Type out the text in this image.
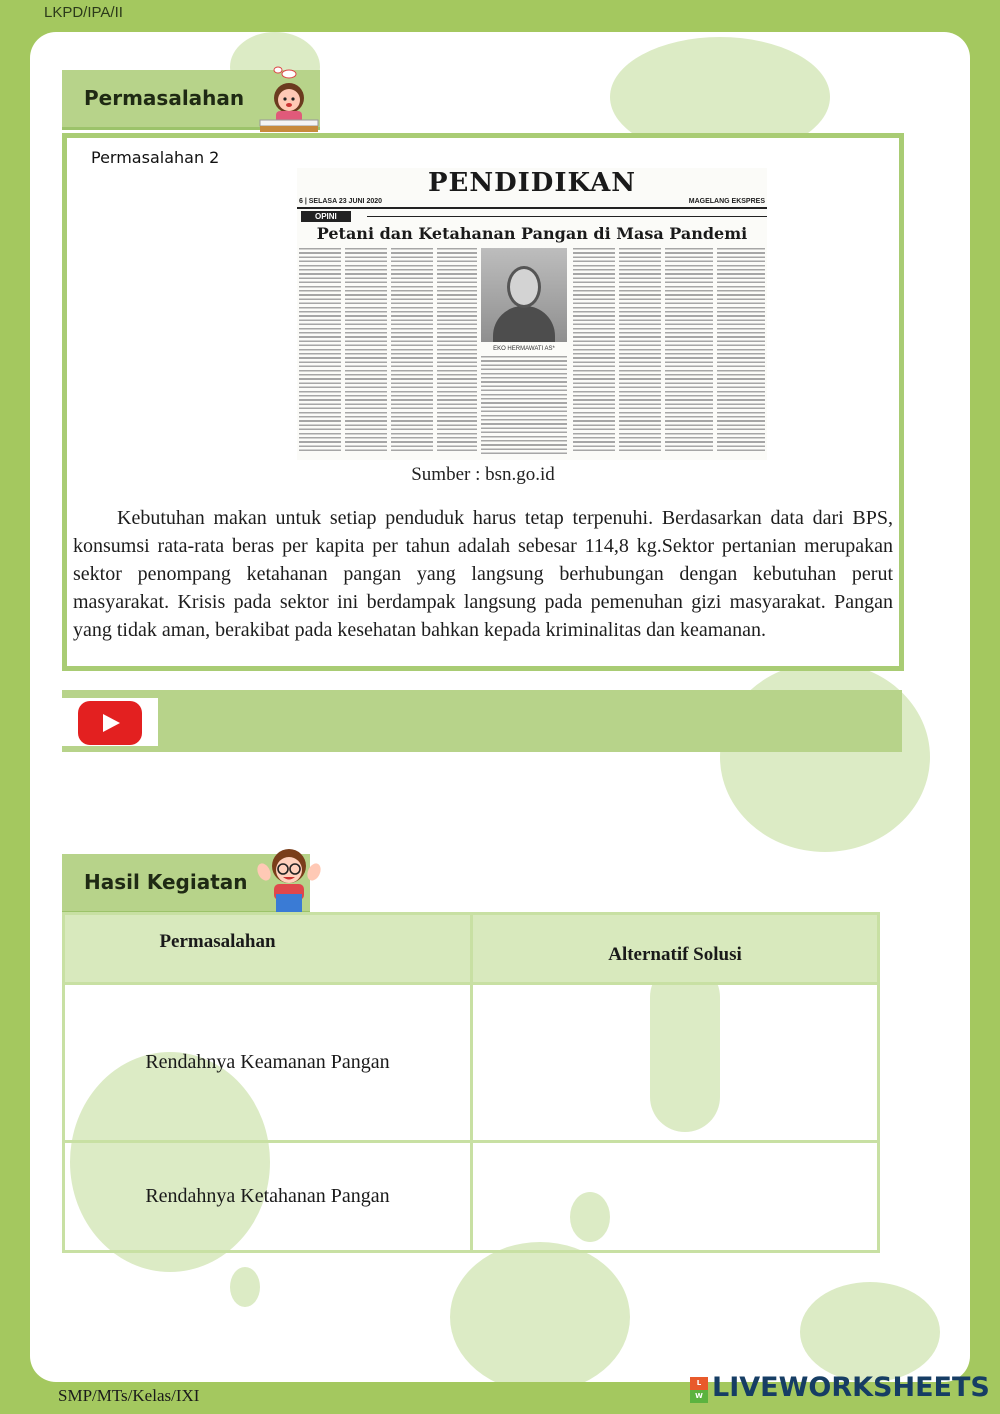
LKPD/IPA/II
Permasalahan
Permasalahan 2
PENDIDIKAN
6 | SELASA 23 JUNI 2020	MAGELANG EKSPRES
OPINI
Petani dan Ketahanan Pangan di Masa Pandemi
EKO HERMAWATI AS*
Sumber : bsn.go.id

Kebutuhan makan untuk setiap penduduk harus tetap terpenuhi. Berdasarkan data dari BPS, konsumsi rata-rata beras per kapita per tahun adalah sebesar 114,8 kg.Sektor pertanian merupakan sektor penompang ketahanan pangan yang langsung berhubungan dengan kebutuhan perut masyarakat. Krisis pada sektor ini berdampak langsung pada pemenuhan gizi masyarakat. Pangan yang tidak aman, berakibat pada kesehatan bahkan kepada kriminalitas dan keamanan.

Hasil Kegiatan
Permasalahan	Alternatif Solusi
Rendahnya Keamanan Pangan	
Rendahnya Ketahanan Pangan	
SMP/MTs/Kelas/IXI
L
W LIVEWORKSHEETS
